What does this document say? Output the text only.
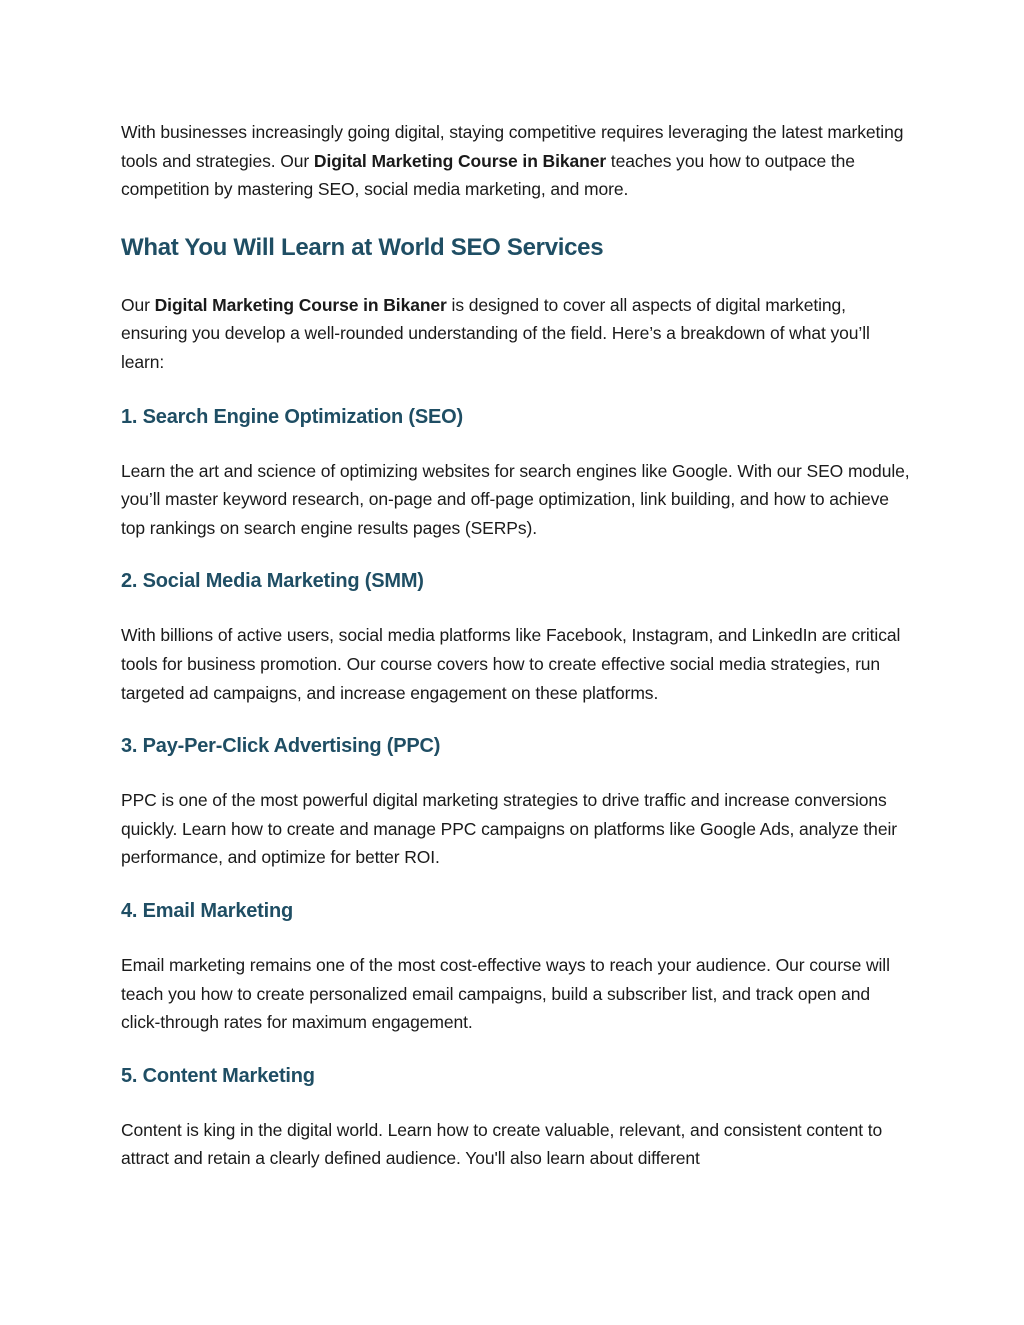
With businesses increasingly going digital, staying competitive requires leveraging the latest marketing tools and strategies. Our Digital Marketing Course in Bikaner teaches you how to outpace the competition by mastering SEO, social media marketing, and more.

What You Will Learn at World SEO Services

Our Digital Marketing Course in Bikaner is designed to cover all aspects of digital marketing, ensuring you develop a well-rounded understanding of the field. Here’s a breakdown of what you’ll learn:

1. Search Engine Optimization (SEO)

Learn the art and science of optimizing websites for search engines like Google. With our SEO module, you’ll master keyword research, on-page and off-page optimization, link building, and how to achieve top rankings on search engine results pages (SERPs).

2. Social Media Marketing (SMM)

With billions of active users, social media platforms like Facebook, Instagram, and LinkedIn are critical tools for business promotion. Our course covers how to create effective social media strategies, run targeted ad campaigns, and increase engagement on these platforms.

3. Pay-Per-Click Advertising (PPC)

PPC is one of the most powerful digital marketing strategies to drive traffic and increase conversions quickly. Learn how to create and manage PPC campaigns on platforms like Google Ads, analyze their performance, and optimize for better ROI.

4. Email Marketing

Email marketing remains one of the most cost-effective ways to reach your audience. Our course will teach you how to create personalized email campaigns, build a subscriber list, and track open and click-through rates for maximum engagement.

5. Content Marketing

Content is king in the digital world. Learn how to create valuable, relevant, and consistent content to attract and retain a clearly defined audience. You'll also learn about different
